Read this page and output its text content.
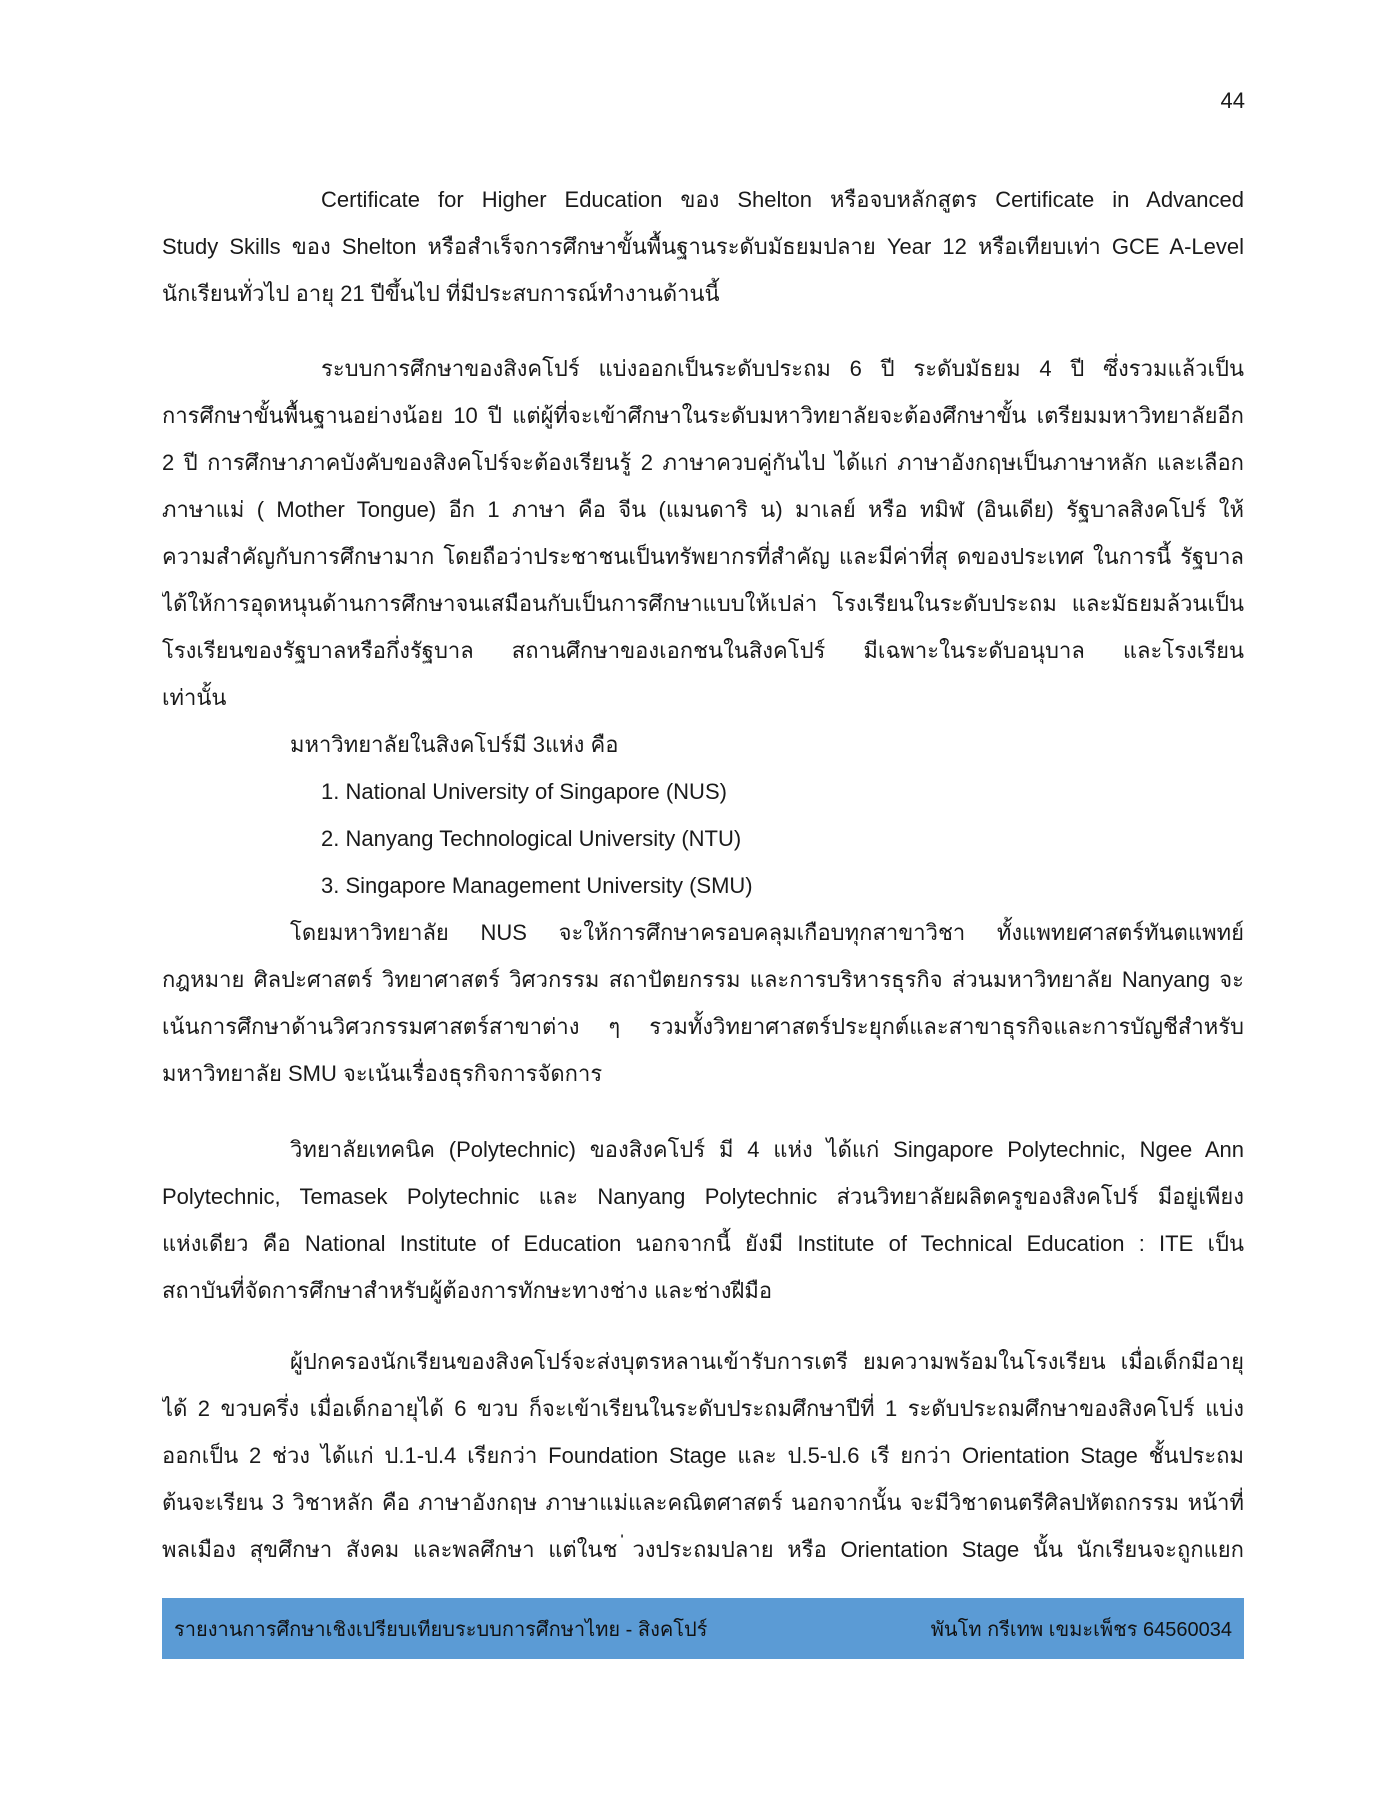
44
Certificate for Higher Education ของ Shelton หรือจบหลักสูตร Certificate in Advanced
Study Skills ของ Shelton หรือสำเร็จการศึกษาขั้นพื้นฐานระดับมัธยมปลาย Year 12 หรือเทียบเท่า GCE A-Level
นักเรียนทั่วไป อายุ 21 ปีขึ้นไป ที่มีประสบการณ์ทำงานด้านนี้
ระบบการศึกษาของสิงคโปร์ แบ่งออกเป็นระดับประถม 6 ปี ระดับมัธยม 4 ปี ซึ่งรวมแล้วเป็น
การศึกษาขั้นพื้นฐานอย่างน้อย 10 ปี แต่ผู้ที่จะเข้าศึกษาในระดับมหาวิทยาลัยจะต้องศึกษาขั้น เตรียมมหาวิทยาลัยอีก
2 ปี การศึกษาภาคบังคับของสิงคโปร์จะต้องเรียนรู้ 2 ภาษาควบคู่กันไป ได้แก่ ภาษาอังกฤษเป็นภาษาหลัก และเลือก
ภาษาแม่ ( Mother Tongue) อีก 1 ภาษา คือ จีน (แมนดาริ น) มาเลย์ หรือ ทมิฬ (อินเดีย) รัฐบาลสิงคโปร์ ให้
ความสำคัญกับการศึกษามาก โดยถือว่าประชาชนเป็นทรัพยากรที่สำคัญ และมีค่าที่สุ ดของประเทศ ในการนี้ รัฐบาล
ได้ให้การอุดหนุนด้านการศึกษาจนเสมือนกับเป็นการศึกษาแบบให้เปล่า โรงเรียนในระดับประถม และมัธยมล้วนเป็น
โรงเรียนของรัฐบาลหรือกึ่งรัฐบาล สถานศึกษาของเอกชนในสิงคโปร์ มีเฉพาะในระดับอนุบาล และโรงเรียน
เท่านั้น
มหาวิทยาลัยในสิงคโปร์มี 3แห่ง คือ
1. National University of Singapore (NUS)
2. Nanyang Technological University (NTU)
3. Singapore Management University (SMU)
โดยมหาวิทยาลัย NUS จะให้การศึกษาครอบคลุมเกือบทุกสาขาวิชา ทั้งแพทยศาสตร์ทันตแพทย์
กฎหมาย ศิลปะศาสตร์ วิทยาศาสตร์ วิศวกรรม สถาปัตยกรรม และการบริหารธุรกิจ ส่วนมหาวิทยาลัย Nanyang จะ
เน้นการศึกษาด้านวิศวกรรมศาสตร์สาขาต่าง ๆ รวมทั้งวิทยาศาสตร์ประยุกต์และสาขาธุรกิจและการบัญชีสำหรับ
มหาวิทยาลัย SMU จะเน้นเรื่องธุรกิจการจัดการ
วิทยาลัยเทคนิค (Polytechnic) ของสิงคโปร์ มี 4 แห่ง ได้แก่ Singapore Polytechnic, Ngee Ann
Polytechnic, Temasek Polytechnic และ Nanyang Polytechnic ส่วนวิทยาลัยผลิตครูของสิงคโปร์ มีอยู่เพียง
แห่งเดียว คือ National Institute of Education นอกจากนี้ ยังมี Institute of Technical Education : ITE เป็น
สถาบันที่จัดการศึกษาสำหรับผู้ต้องการทักษะทางช่าง และช่างฝีมือ
ผู้ปกครองนักเรียนของสิงคโปร์จะส่งบุตรหลานเข้ารับการเตรี ยมความพร้อมในโรงเรียน เมื่อเด็กมีอายุ
ได้ 2 ขวบครึ่ง เมื่อเด็กอายุได้ 6 ขวบ ก็จะเข้าเรียนในระดับประถมศึกษาปีที่ 1 ระดับประถมศึกษาของสิงคโปร์ แบ่ง
ออกเป็น 2 ช่วง ได้แก่ ป.1-ป.4 เรียกว่า Foundation Stage และ ป.5-ป.6 เรี ยกว่า Orientation Stage ชั้นประถม
ต้นจะเรียน 3 วิชาหลัก คือ ภาษาอังกฤษ ภาษาแม่และคณิตศาสตร์ นอกจากนั้น จะมีวิชาดนตรีศิลปหัตถกรรม หน้าที่
พลเมือง สุขศึกษา สังคม และพลศึกษา แต่ในช ่วงประถมปลาย หรือ Orientation Stage นั้น นักเรียนจะถูกแยก
รายงานการศึกษาเชิงเปรียบเทียบระบบการศึกษาไทย - สิงคโปร์	พันโท กรีเทพ เขมะเพ็ชร 64560034
